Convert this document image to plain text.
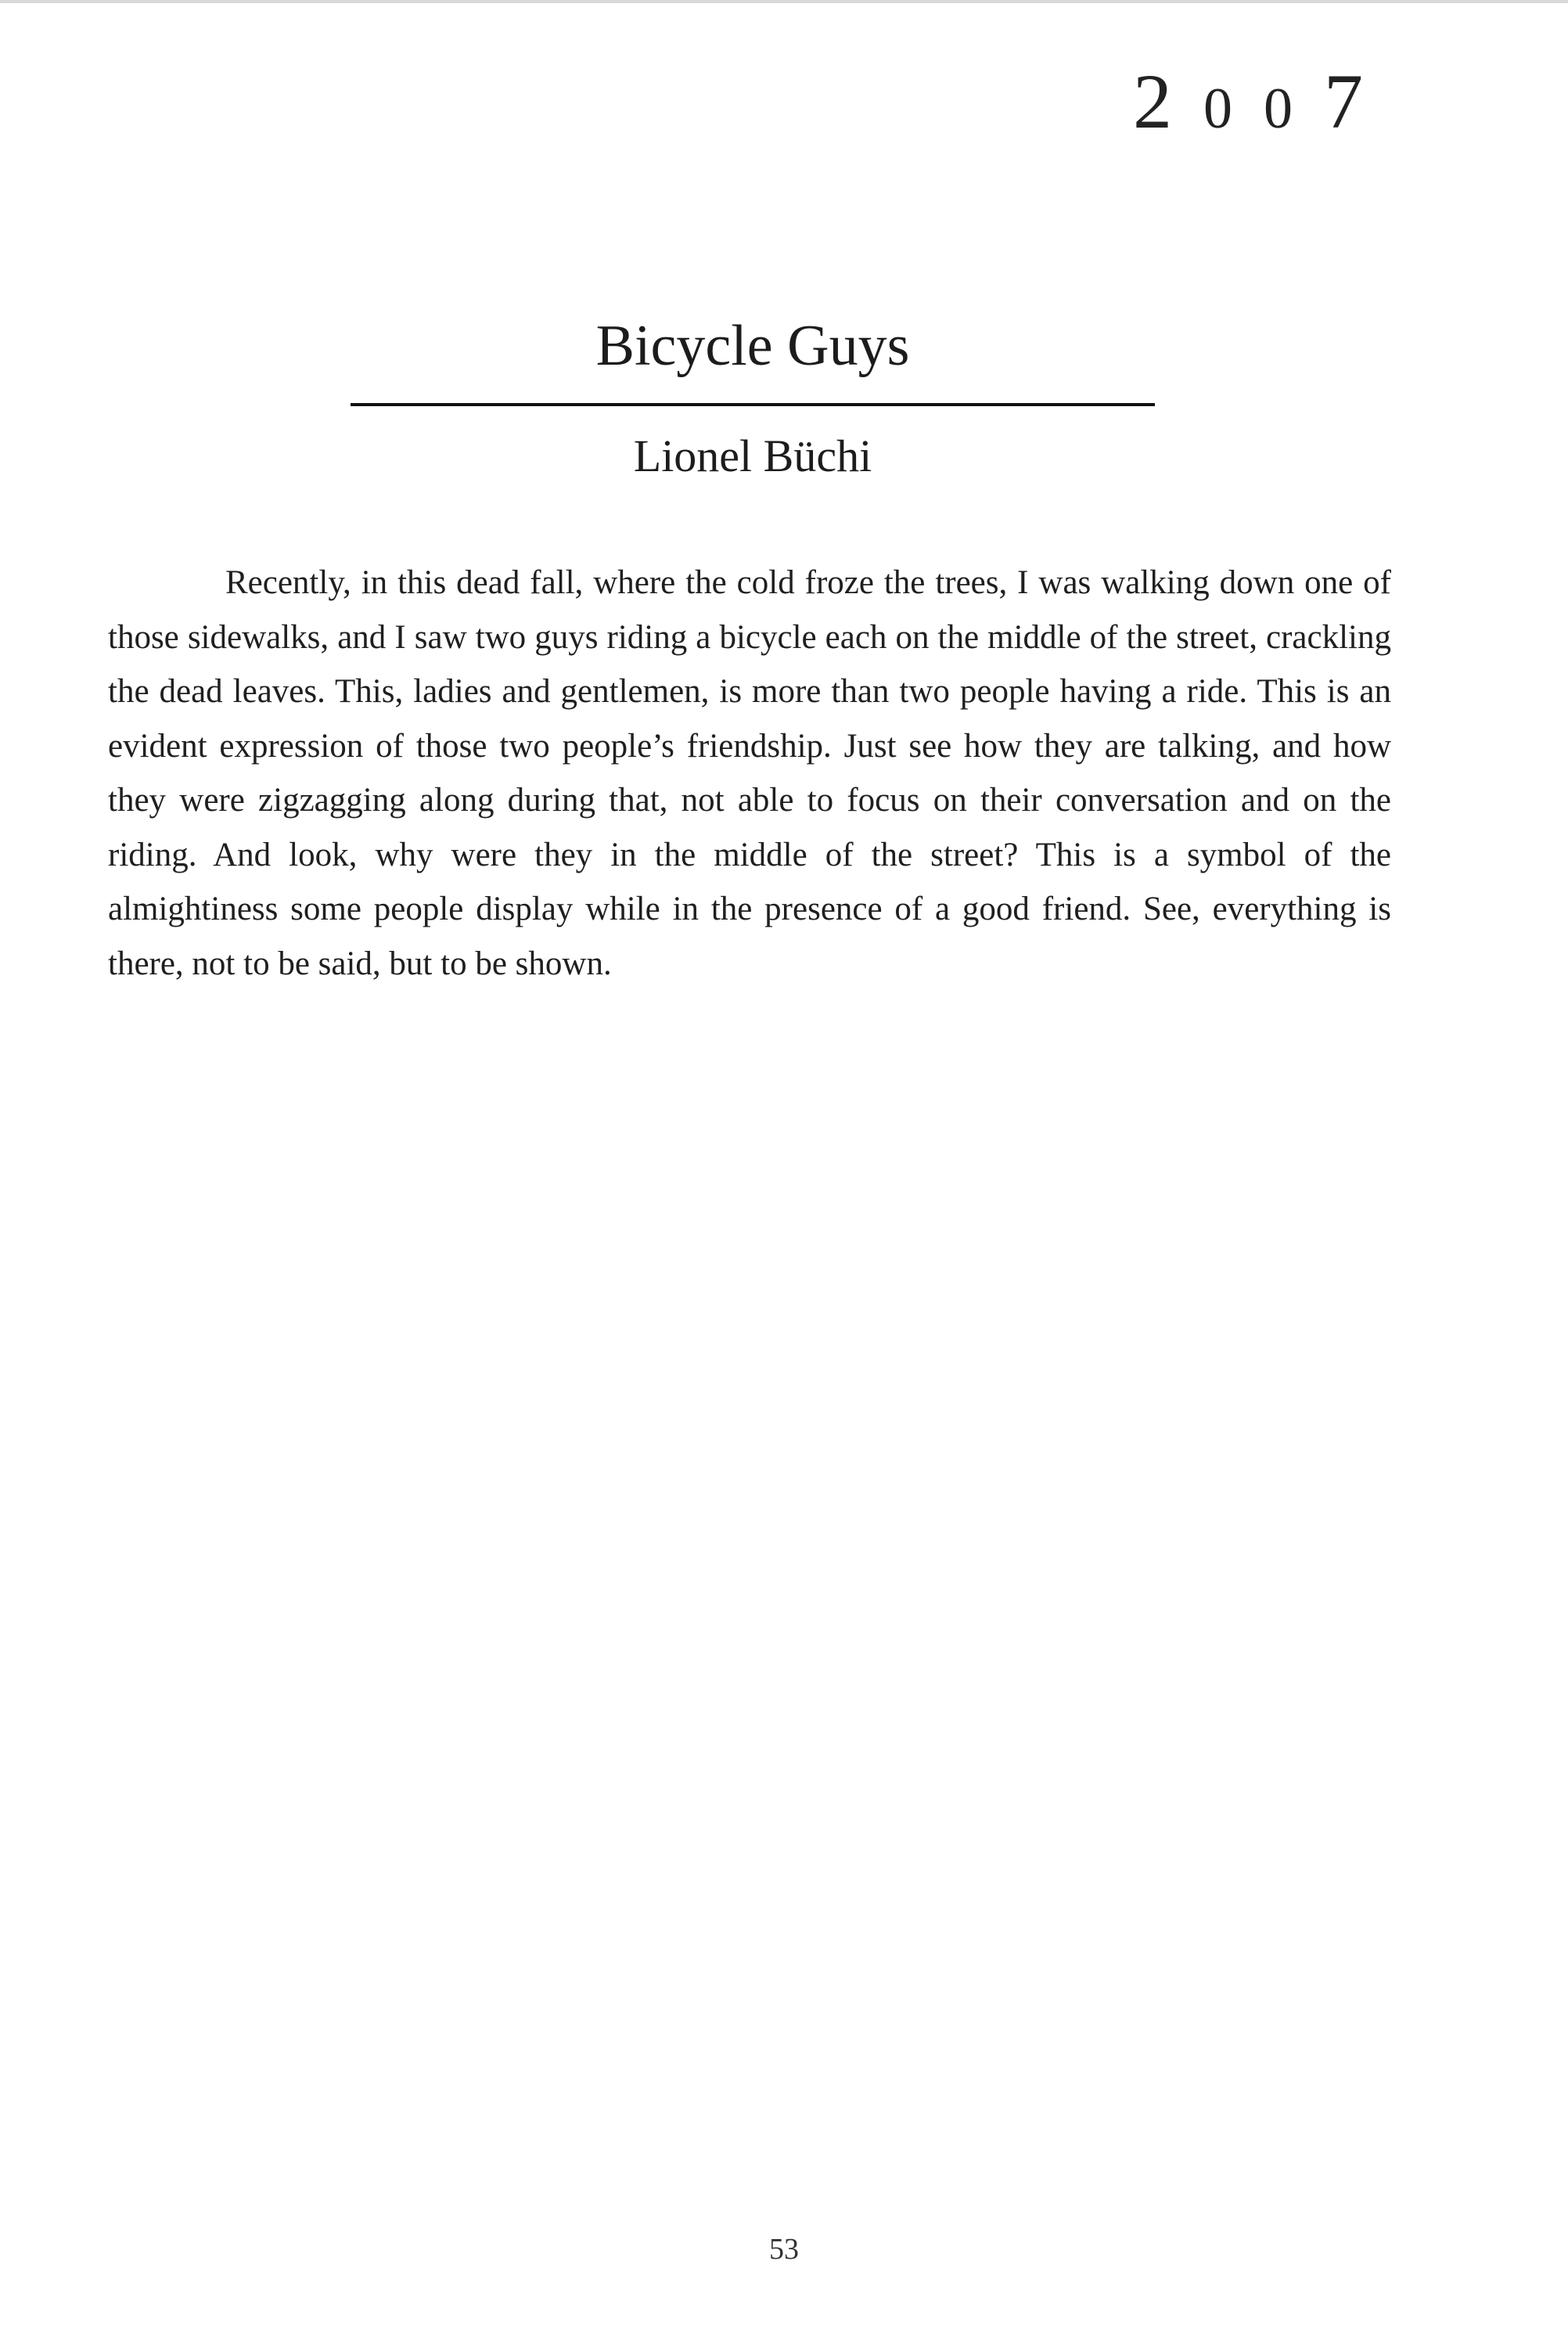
2007
Bicycle Guys
Lionel Büchi

Recently, in this dead fall, where the cold froze the trees, I was walking down one of those sidewalks, and I saw two guys riding a bicycle each on the middle of the street, crackling the dead leaves. This, ladies and gentlemen, is more than two people having a ride. This is an evident expression of those two people’s friendship. Just see how they are talking, and how they were zigzagging along during that, not able to focus on their conversation and on the riding. And look, why were they in the middle of the street? This is a symbol of the almightiness some people display while in the presence of a good friend. See, everything is there, not to be said, but to be shown.

53
